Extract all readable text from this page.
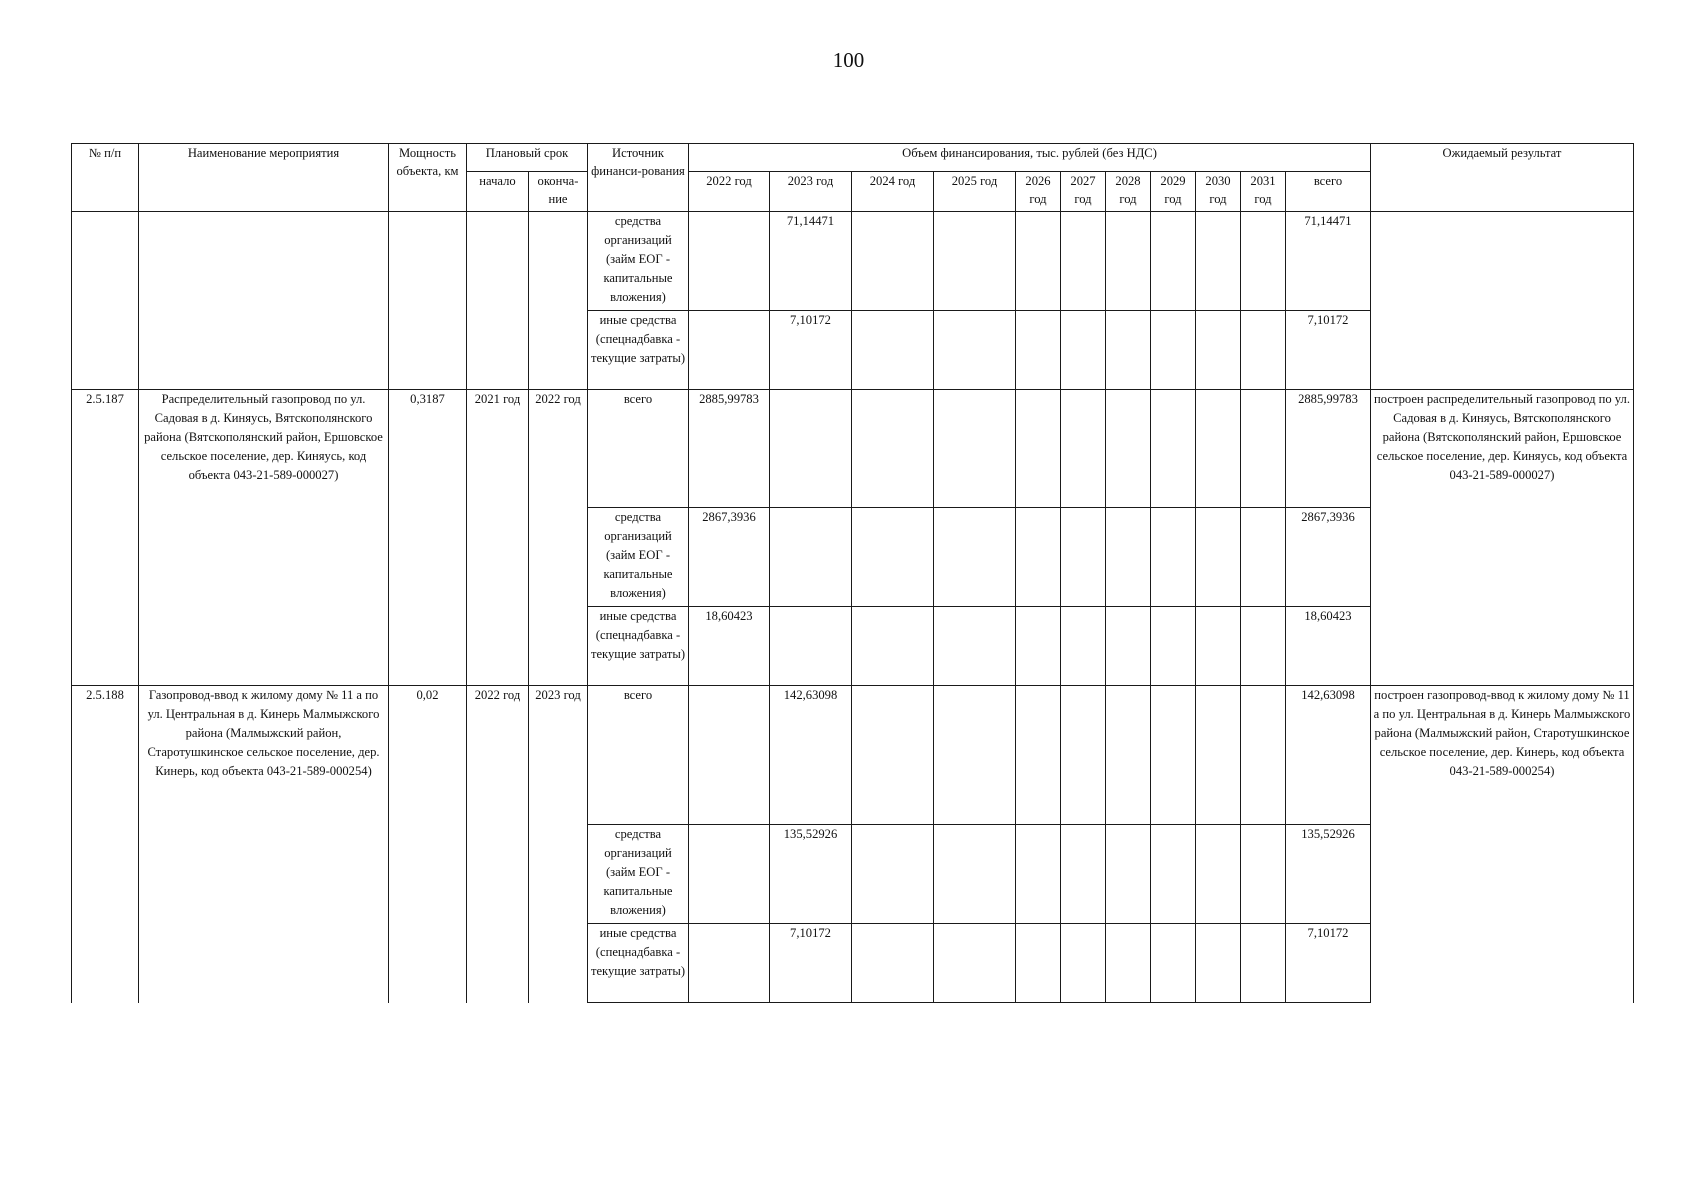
100
№ п/п	Наименование мероприятия	Мощность объекта, км	Плановый срок		Источник финанси-рования	Объем финансирования, тыс. рублей (без НДС)											Ожидаемый результат
			начало	оконча-ние		2022 год	2023 год	2024 год	2025 год	2026 год	2027 год	2028 год	2029 год	2030 год	2031 год	всего	
					средства организаций (займ ЕОГ - капитальные вложения)		71,14471									71,14471	
					иные средства (спецнадбавка - текущие затраты)		7,10172									7,10172	
2.5.187	Распределительный газопровод по ул. Садовая в д. Киняусь, Вятскополянского района (Вятскополянский район, Ершовское сельское поселение, дер. Киняусь, код объекта 043-21-589-000027)	0,3187	2021 год	2022 год	всего	2885,99783										2885,99783	построен распределительный газопровод по ул. Садовая в д. Киняусь, Вятскополянского района (Вятскополянский район, Ершовское сельское поселение, дер. Киняусь, код объекта 043-21-589-000027)
					средства организаций (займ ЕОГ - капитальные вложения)	2867,3936										2867,3936	
					иные средства (спецнадбавка - текущие затраты)	18,60423										18,60423	
2.5.188	Газопровод-ввод к жилому дому № 11 а по ул. Центральная в д. Кинерь Малмыжского района (Малмыжский район, Старотушкинское сельское поселение, дер. Кинерь, код объекта 043-21-589-000254)	0,02	2022 год	2023 год	всего		142,63098									142,63098	построен газопровод-ввод к жилому дому № 11 а по ул. Центральная в д. Кинерь Малмыжского района (Малмыжский район, Старотушкинское сельское поселение, дер. Кинерь, код объекта 043-21-589-000254)
					средства организаций (займ ЕОГ - капитальные вложения)		135,52926									135,52926	
					иные средства (спецнадбавка - текущие затраты)		7,10172									7,10172	
